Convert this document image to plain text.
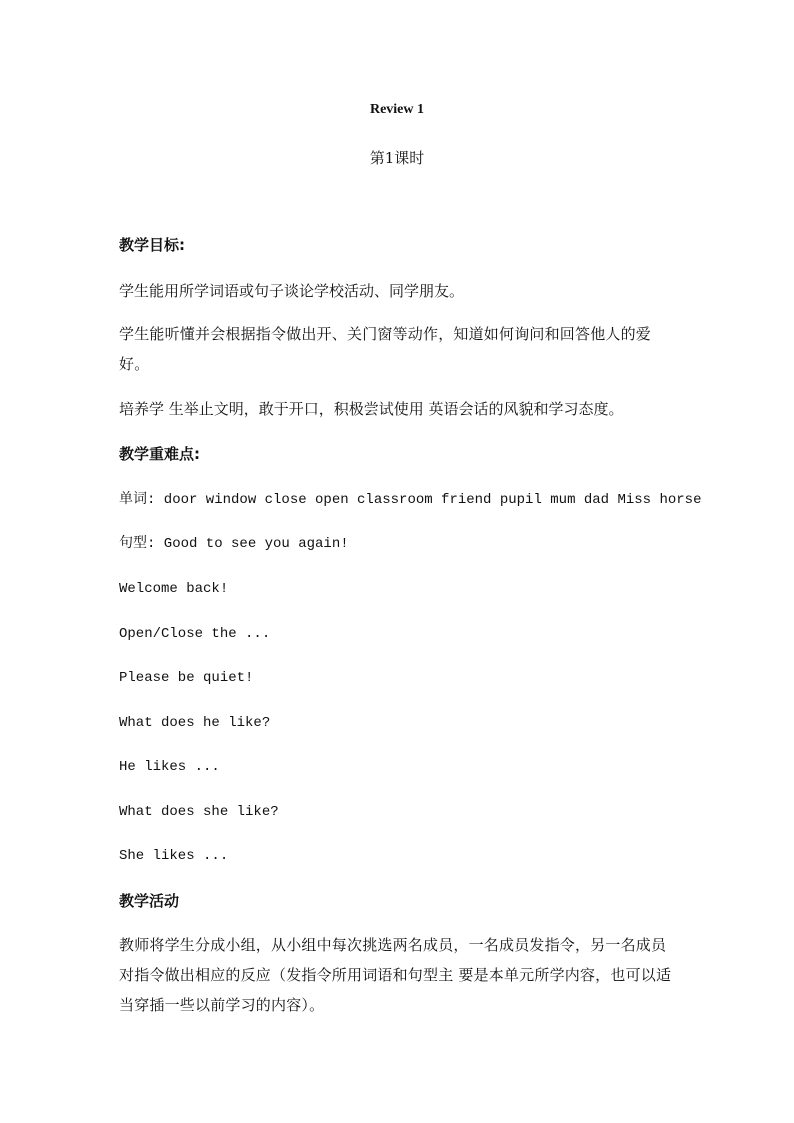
Review 1
第1课时
教学目标:
学生能用所学词语或句子谈论学校活动、同学朋友。
学生能听懂并会根据指令做出开、关门窗等动作，知道如何询问和回答他人的爱好。
培养学 生举止文明，敢于开口，积极尝试使用 英语会话的风貌和学习态度。
教学重难点:
单词: door window close open classroom friend pupil mum dad Miss horse
句型: Good to see you again!
Welcome back!
Open/Close the ...
Please be quiet!
What does he like?
He likes ...
What does she like?
She likes ...
教学活动
教师将学生分成小组，从小组中每次挑选两名成员，一名成员发指令，另一名成员对指令做出相应的反应（发指令所用词语和句型主 要是本单元所学内容，也可以适当穿插一些以前学习的内容）。
